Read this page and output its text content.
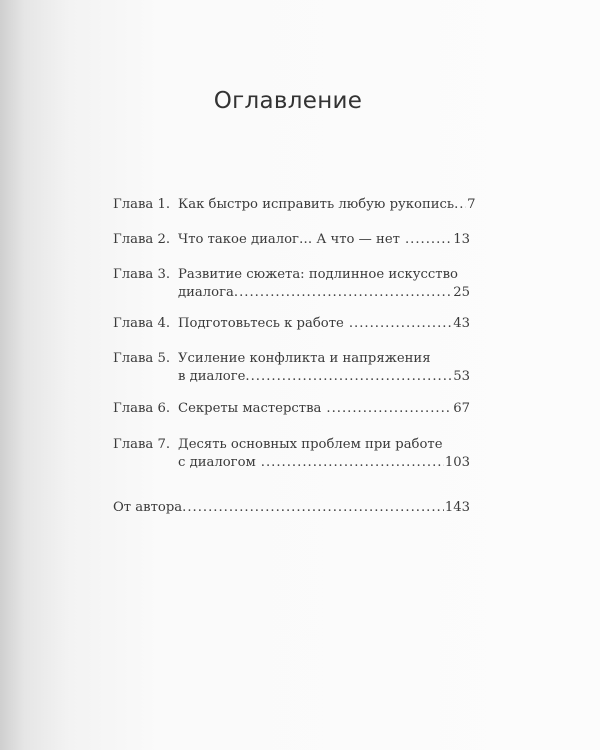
Оглавление
Глава 1. Как быстро исправить любую рукопись ..... 7
Глава 2. Что такое диалог… А что — нет .....	13
Глава 3. Развитие сюжета: подлинное искусство
диалога .....	25
Глава 4. Подготовьтесь к работе .....	43
Глава 5. Усиление конфликта и напряжения
в диалоге .....	53
Глава 6. Секреты мастерства .....	67
Глава 7. Десять основных проблем при работе
с диалогом .....	103
От автора .....	143
